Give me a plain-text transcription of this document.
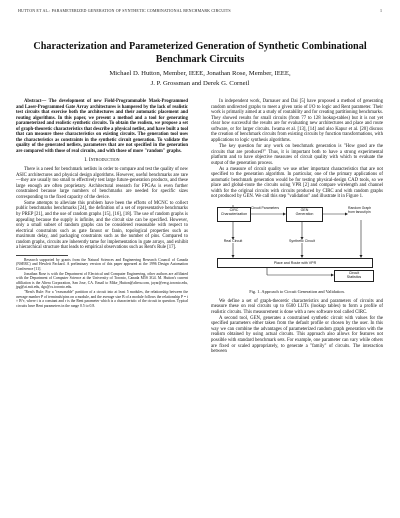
HUTTON ET AL.: PARAMETERIZED GENERATION OF SYNTHETIC COMBINATIONAL BENCHMARK CIRCUITS	1
Characterization and Parameterized Generation of Synthetic Combinational Benchmark Circuits
Michael D. Hutton, Member, IEEE, Jonathan Rose, Member, IEEE,
J. P. Grossman and Derek G. Corneil

Abstract— The development of new Field-Programmable Mask-Programmed and Laser-Programmed Gate Array architectures is hampered by the lack of realistic test circuits that exercise both the architectures and their automatic placement and routing algorithms. In this paper, we present a method and a tool for generating parameterized and realistic synthetic circuits. To obtain the realism, we propose a set of graph-theoretic characteristics that describe a physical netlist, and have built a tool that can measure these characteristics on existing circuits. The generation tool uses the characteristics as constraints in the synthetic circuit generation. To validate the quality of the generated netlists, parameters that are not specified in the generation are compared with those of real circuits, and with those of more "random" graphs.

I. Introduction

There is a need for benchmark netlists in order to compare and test the quality of new ASIC architectures and physical design algorithms. However, useful benchmarks are rare—they are usually too small to effectively test large future-generation products, and these large enough are often proprietary. Architectural research for FPGAs is even further constrained because large numbers of benchmarks are needed for specific sizes corresponding to the fixed capacity of the device.

Some attempts to alleviate this problem have been the efforts of MCNC to collect public benchmarks benchmarks [24], the definition of a set of representative benchmarks by PREP [21], and the use of random graphs [15], [16], [18]. The use of random graphs is appealing because the supply is infinite, and the circuit size can be specified. However, only a small subset of random graphs can be considered reasonable with respect to electrical constraints such as gate fanout or fanin, topological properties such as maximum delay, and packaging constraints such as the number of pins. Compared to random graphs, circuits are inherently tame for implementation in gate arrays, and exhibit a hierarchical structure that leads to empirical observations such as Rent's Rule [17].

Research supported by grants from the Natural Sciences and Engineering Research Council of Canada (NSERC) and Hewlett Packard. A preliminary version of this paper appeared at the 1996 Design Automation Conference [11].

Jonathan Rose is with the Department of Electrical and Computer Engineering, other authors are affiliated with the Department of Computer Science at the University of Toronto, Canada M5S 3G4. M. Hutton's current affiliation is the Altera Corporation, San Jose, CA. Email to Mike_Hutton@altera.com, jayar@eecg.toronto.edu, jpg@ai.mit.edu, dgc@cs.toronto.edu.

"Rent's Rule: For a "reasonable" partition of a circuit into at least 5 modules, the relationship between the average number P of terminals/pins on a module, and the average size B of a module follows the relationship P = t × B^r, where t is a constant and r is the Rent parameter which is a characteristic of the circuit in question. Typical circuits have Rent parameters in the range 0.5 to 0.8.

In independent work, Darnauer and Dai [5] have proposed a method of generating random undirected graphs to meet a given ratio of I/O to logic and Rent parameter. Their work is primarily aimed at a study of routability and for creating partitioning benchmarks. They showed results for small circuits (from 77 to 128 lookup-tables) but it is not yet clear how successful the results are for evaluating new architectures and place and route software, or for larger circuits. Iwama et al. [13], [14] and also Kapur et al. [20] discuss the creation of benchmark circuits from existing circuits by function transformations, with applications to logic synthesis algorithms.

The key question for any work on benchmark generation is "How good are the circuits that are produced?" Thus, it is important both to have a strong experimental platform and to have objective measures of circuit quality with which to evaluate the output of the generation process.

As a measure of circuit quality we use other important characteristics that are not specified to the generation algorithm. In particular, one of the primary applications of automatic benchmark generation would be for testing physical-design CAD tools, so we place and global-route the circuits using VPR [2] and compare wirelength and channel width for the original circuits with circuits produced by CIRC and with random graphs not produced by GEN. We call this step "validation" and illustrate it in Figure 1.

CIRC
Characterization
GEN
Generation
Random Graph
from fanout/pin
Circuit Parameters
Real Circuit	Synthetic Circuit
Place and Route with VPR
Circuit
Statistics
Fig. 1. Approach to Circuit Generation and Validation.

We define a set of graph-theoretic characteristics and parameters of circuits and measure these on real circuits up to 6500 LUTs (lookup tables) to form a profile of realistic circuits. This measurement is done with a new software tool called CIRC.

A second tool, GEN, generates a constrained synthetic circuit with values for the specified parameters either taken from the default profile or chosen by the user. In this way we can combine the advantages of parameterized random graph generation with the realism obtained by using actual circuits. This approach also allows for features not possible with standard benchmark sets. For example, one parameter can vary while others are fixed or scaled appropriately, to generate a "family" of circuits. The interaction between
